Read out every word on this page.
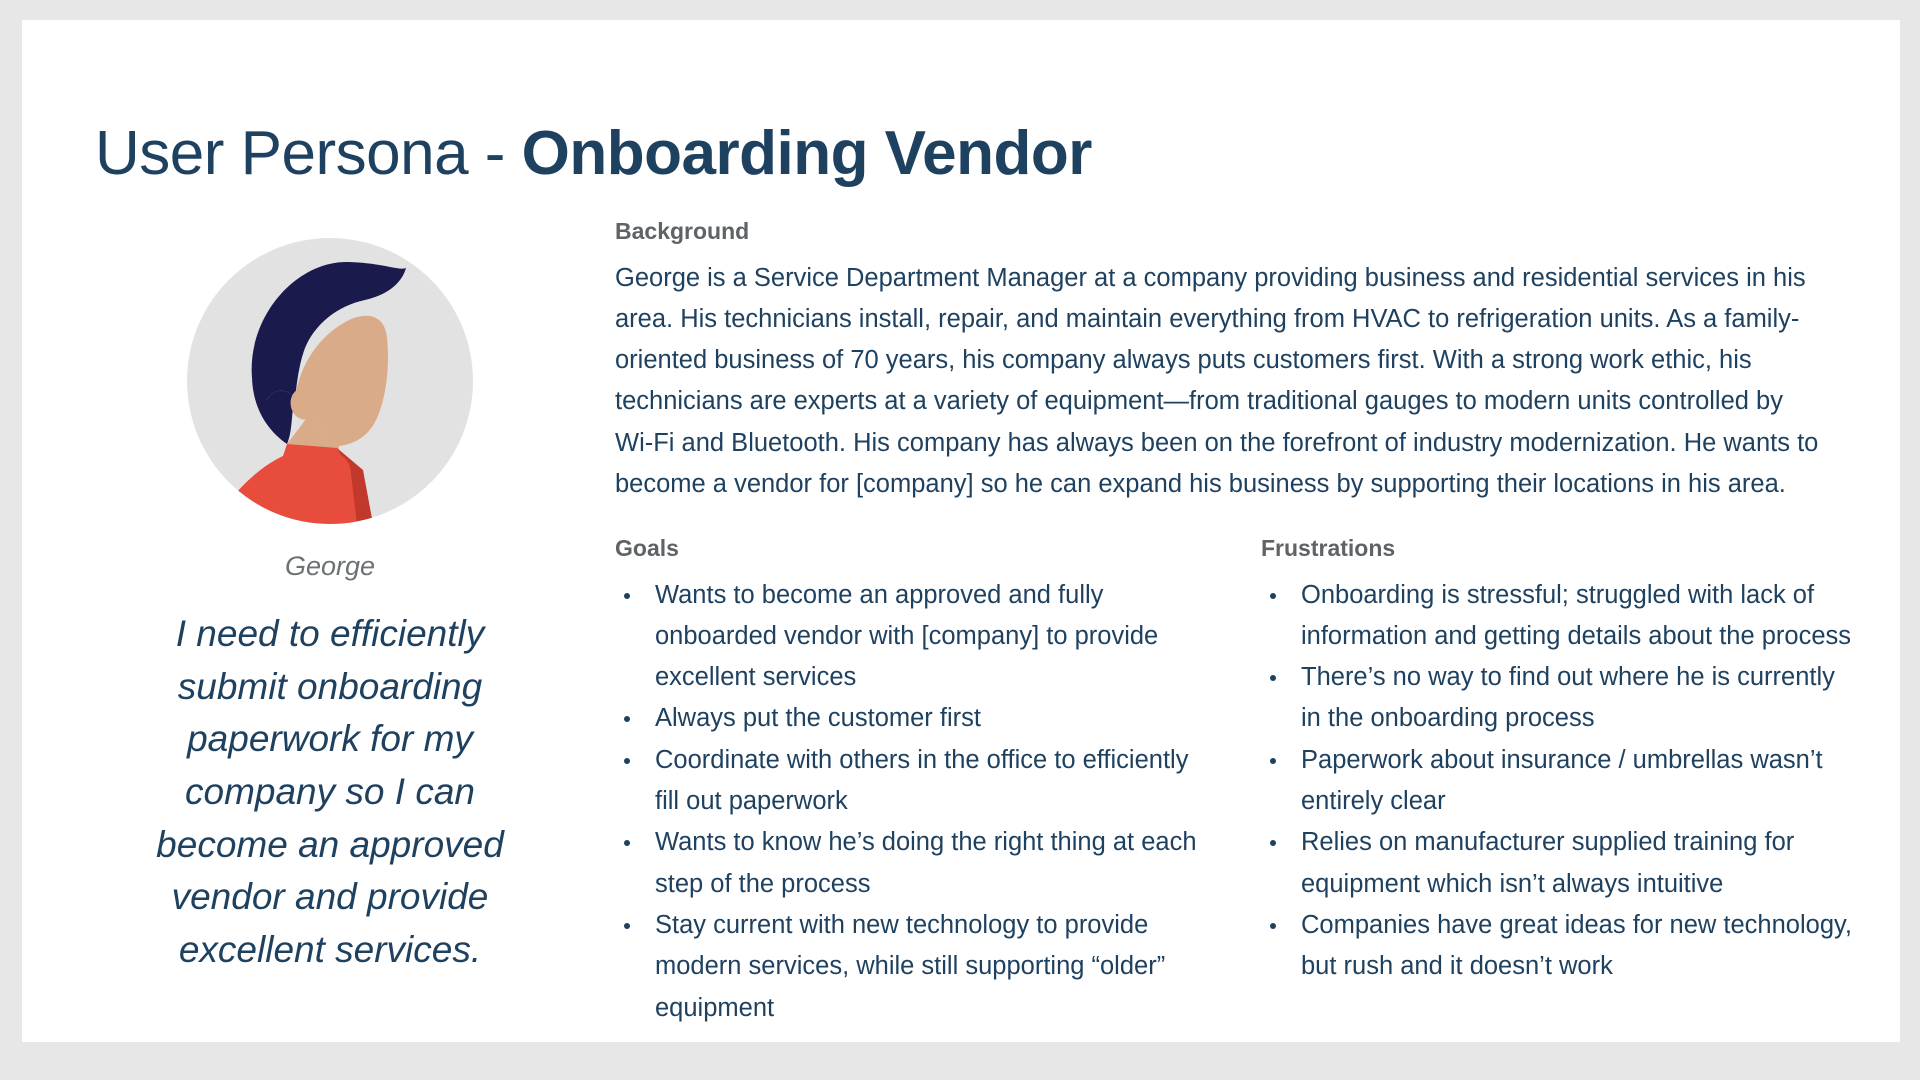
User Persona - Onboarding Vendor
George
I need to efficiently submit onboarding paperwork for my company so I can become an approved vendor and provide excellent services.
Background

George is a Service Department Manager at a company providing business and residential services in his area. His technicians install, repair, and maintain everything from HVAC to refrigeration units. As a family-oriented business of 70 years, his company always puts customers first. With a strong work ethic, his technicians are experts at a variety of equipment—from traditional gauges to modern units controlled by Wi-Fi and Bluetooth. His company has always been on the forefront of industry modernization. He wants to become a vendor for [company] so he can expand his business by supporting their locations in his area.

Goals
Wants to become an approved and fully onboarded vendor with [company] to provide excellent services
Always put the customer first
Coordinate with others in the office to efficiently fill out paperwork
Wants to know he’s doing the right thing at each step of the process
Stay current with new technology to provide modern services, while still supporting “older” equipment
Frustrations
Onboarding is stressful; struggled with lack of information and getting details about the process
There’s no way to find out where he is currently in the onboarding process
Paperwork about insurance / umbrellas wasn’t entirely clear
Relies on manufacturer supplied training for equipment which isn’t always intuitive
Companies have great ideas for new technology, but rush and it doesn’t work
